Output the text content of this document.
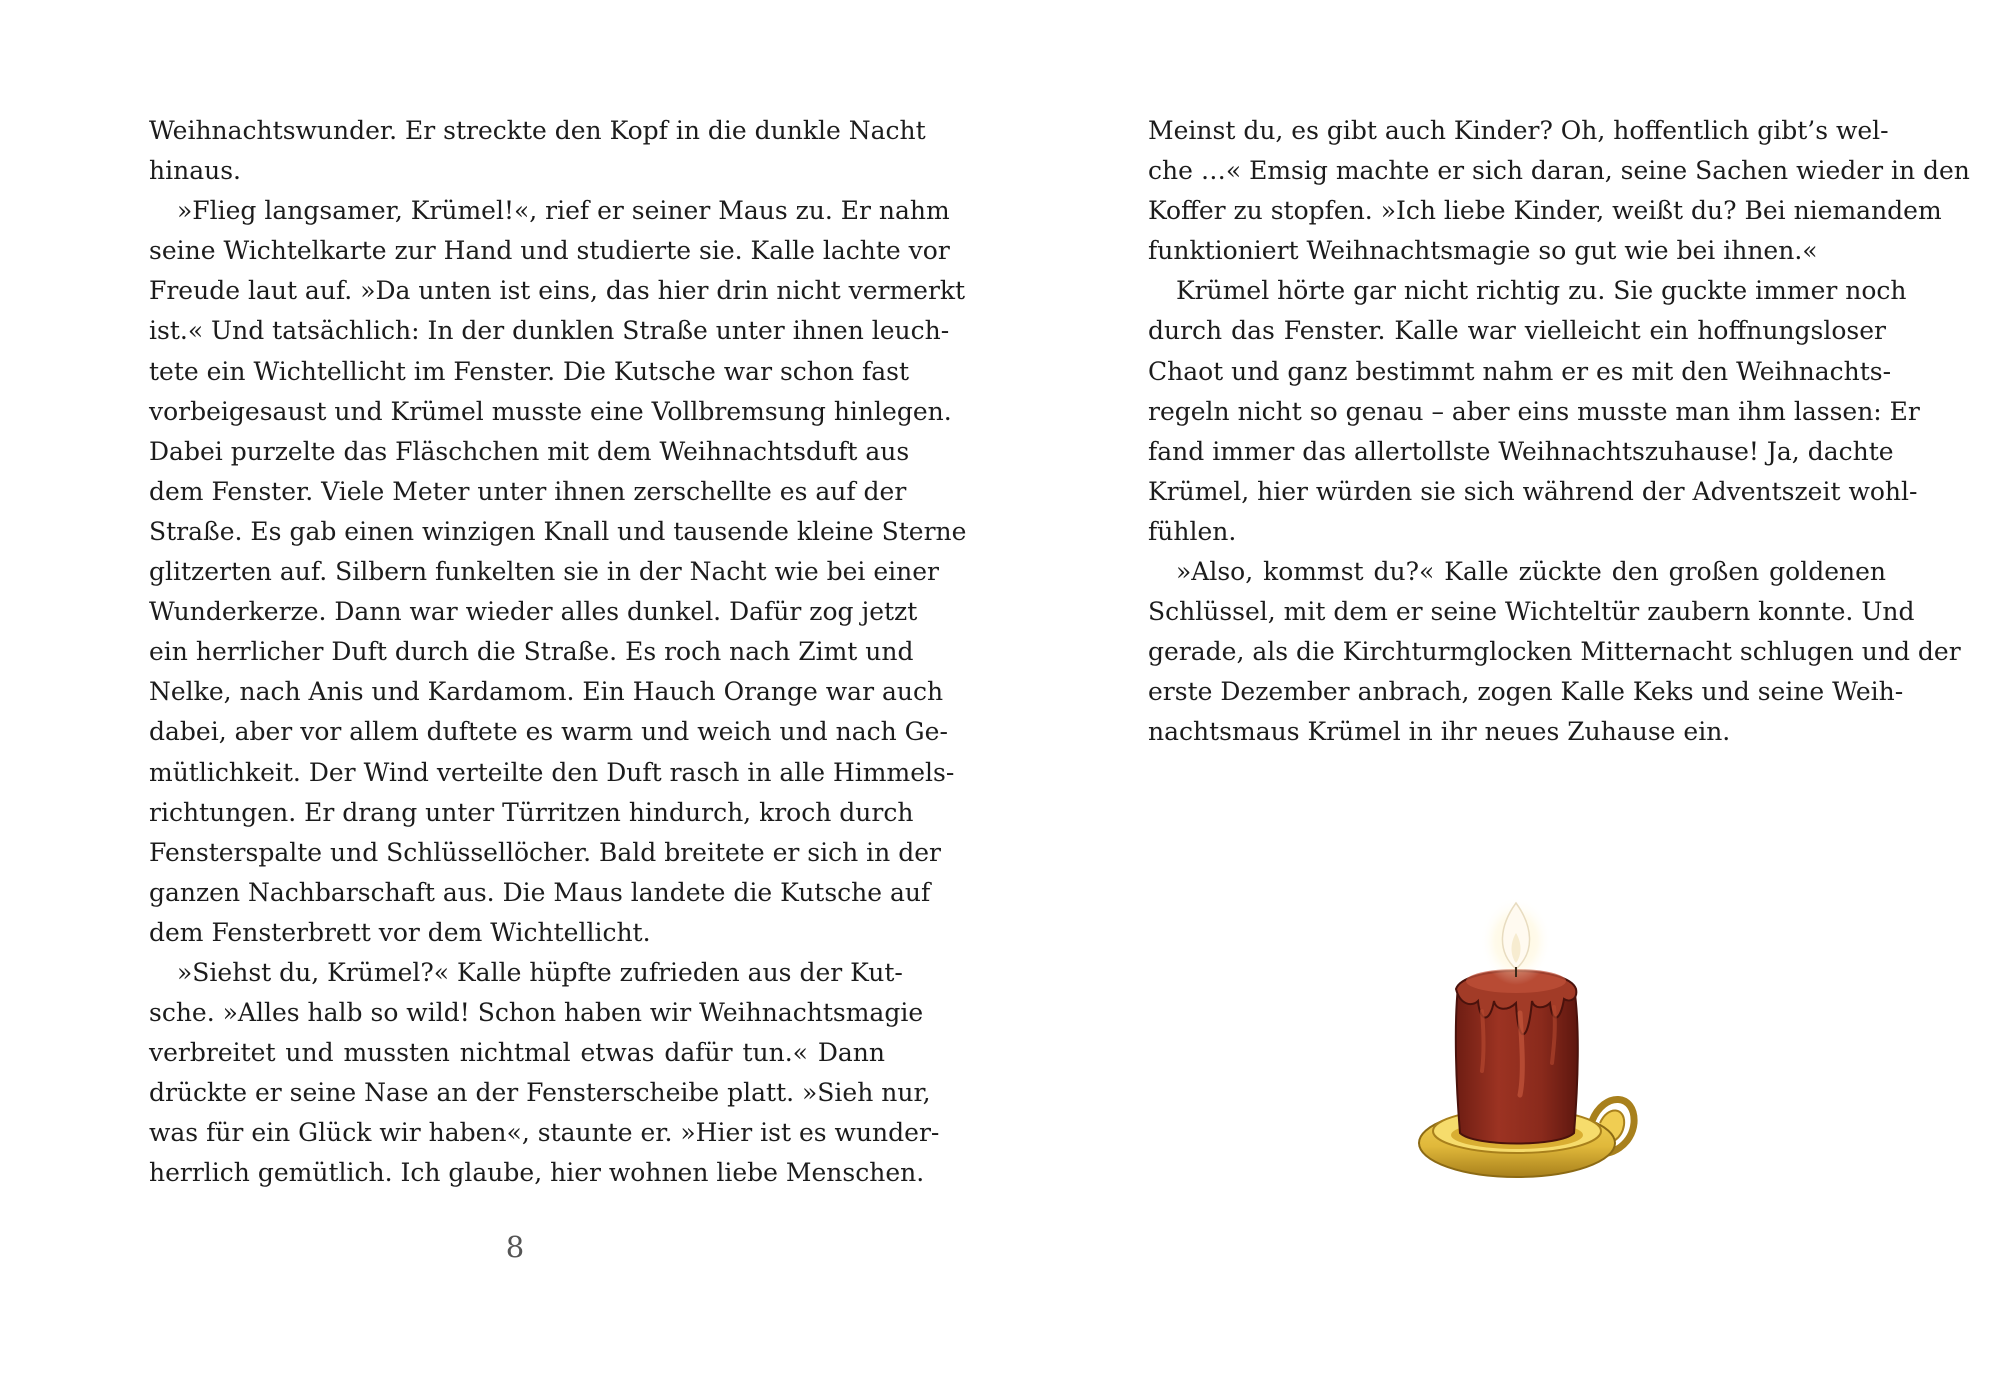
Weihnachtswunder. Er streckte den Kopf in die dunkle Nacht
hinaus.
»Flieg langsamer, Krümel!«, rief er seiner Maus zu. Er nahm
seine Wichtelkarte zur Hand und studierte sie. Kalle lachte vor
Freude laut auf. »Da unten ist eins, das hier drin nicht vermerkt
ist.« Und tatsächlich: In der dunklen Straße unter ihnen leuch-
tete ein Wichtellicht im Fenster. Die Kutsche war schon fast
vorbeigesaust und Krümel musste eine Vollbremsung hinlegen.
Dabei purzelte das Fläschchen mit dem Weihnachtsduft aus
dem Fenster. Viele Meter unter ihnen zerschellte es auf der
Straße. Es gab einen winzigen Knall und tausende kleine Sterne
glitzerten auf. Silbern funkelten sie in der Nacht wie bei einer
Wunderkerze. Dann war wieder alles dunkel. Dafür zog jetzt
ein herrlicher Duft durch die Straße. Es roch nach Zimt und
Nelke, nach Anis und Kardamom. Ein Hauch Orange war auch
dabei, aber vor allem duftete es warm und weich und nach Ge-
mütlichkeit. Der Wind verteilte den Duft rasch in alle Himmels-
richtungen. Er drang unter Türritzen hindurch, kroch durch
Fensterspalte und Schlüssellöcher. Bald breitete er sich in der
ganzen Nachbarschaft aus. Die Maus landete die Kutsche auf
dem Fensterbrett vor dem Wichtellicht.
»Siehst du, Krümel?« Kalle hüpfte zufrieden aus der Kut-
sche. »Alles halb so wild! Schon haben wir Weihnachtsmagie
verbreitet und mussten nichtmal etwas dafür tun.« Dann
drückte er seine Nase an der Fensterscheibe platt. »Sieh nur,
was für ein Glück wir haben«, staunte er. »Hier ist es wunder-
herrlich gemütlich. Ich glaube, hier wohnen liebe Menschen.
8
Meinst du, es gibt auch Kinder? Oh, hoffentlich gibt’s wel-
che …« Emsig machte er sich daran, seine Sachen wieder in den
Koffer zu stopfen. »Ich liebe Kinder, weißt du? Bei niemandem
funktioniert Weihnachtsmagie so gut wie bei ihnen.«
Krümel hörte gar nicht richtig zu. Sie guckte immer noch
durch das Fenster. Kalle war vielleicht ein hoffnungsloser
Chaot und ganz bestimmt nahm er es mit den Weihnachts-
regeln nicht so genau – aber eins musste man ihm lassen: Er
fand immer das allertollste Weihnachtszuhause! Ja, dachte
Krümel, hier würden sie sich während der Adventszeit wohl-
fühlen.
»Also, kommst du?« Kalle zückte den großen goldenen
Schlüssel, mit dem er seine Wichteltür zaubern konnte. Und
gerade, als die Kirchturmglocken Mitternacht schlugen und der
erste Dezember anbrach, zogen Kalle Keks und seine Weih-
nachtsmaus Krümel in ihr neues Zuhause ein.
